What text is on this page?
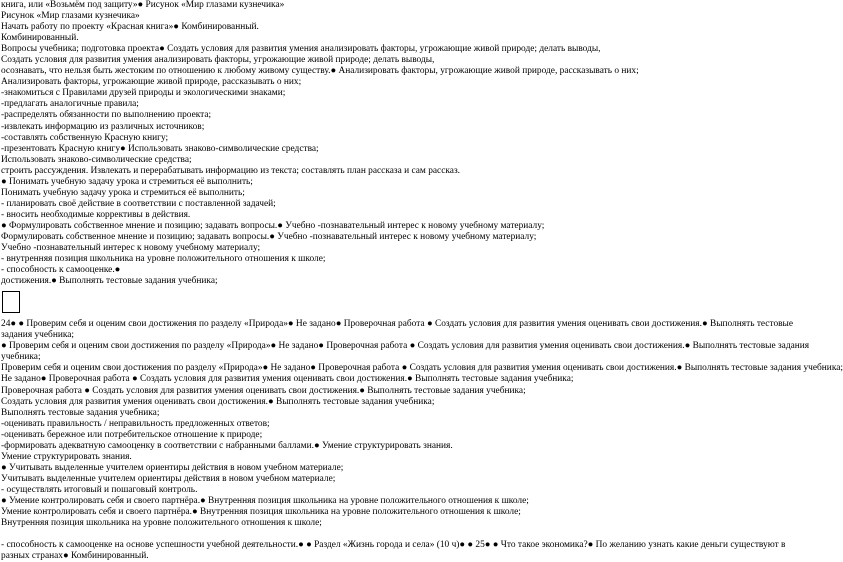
книга, или «Возьмём под защиту»● Рисунок «Мир глазами кузнечика»
Рисунок «Мир глазами кузнечика»
Начать работу по проекту «Красная книга»● Комбинированный.
Комбинированный.
Вопросы учебника; подготовка проекта● Создать условия для развития умения анализировать факторы, угрожающие живой природе; делать выводы,
Создать условия для развития умения анализировать факторы, угрожающие живой природе; делать выводы,
осознавать, что нельзя быть жестоким по отношению к любому живому существу.● Анализировать факторы, угрожающие живой природе, рассказывать о них;
Анализировать факторы, угрожающие живой природе, рассказывать о них;
-знакомиться с Правилами друзей природы и экологическими знаками;
-предлагать аналогичные правила;
-распределять обязанности по выполнению проекта;
-извлекать информацию из различных источников;
-составлять собственную Красную книгу;
-презентовать Красную книгу● Использовать знаково-символические средства;
Использовать знаково-символические средства;
строить рассуждения. Извлекать и перерабатывать информацию из текста; составлять план рассказа и сам рассказ.
● Понимать учебную задачу урока и стремиться её выполнить;
Понимать учебную задачу урока и стремиться её выполнить;
- планировать своё действие в соответствии с поставленной задачей;
- вносить необходимые коррективы в действия.
● Формулировать собственное мнение и позицию; задавать вопросы.● Учебно -познавательный интерес к новому учебному материалу;
Формулировать собственное мнение и позицию; задавать вопросы.● Учебно -познавательный интерес к новому учебному материалу;
Учебно -познавательный интерес к новому учебному материалу;
- внутренняя позиция школьника на уровне положительного отношения к школе;
- способность к самооценке.●
достижения.● Выполнять тестовые задания учебника;
24● ● Проверим себя и оценим свои достижения по разделу «Природа»● Не задано● Проверочная работа ● Создать условия для развития умения оценивать свои достижения.● Выполнять тестовые задания учебника;
● Проверим себя и оценим свои достижения по разделу «Природа»● Не задано● Проверочная работа ● Создать условия для развития умения оценивать свои достижения.● Выполнять тестовые задания учебника;
Проверим себя и оценим свои достижения по разделу «Природа»● Не задано● Проверочная работа ● Создать условия для развития умения оценивать свои достижения.● Выполнять тестовые задания учебника;
Не задано● Проверочная работа ● Создать условия для развития умения оценивать свои достижения.● Выполнять тестовые задания учебника;
Проверочная работа ● Создать условия для развития умения оценивать свои достижения.● Выполнять тестовые задания учебника;
Создать условия для развития умения оценивать свои достижения.● Выполнять тестовые задания учебника;
Выполнять тестовые задания учебника;
-оценивать правильность / неправильность предложенных ответов;
-оценивать бережное или потребительское отношение к природе;
-формировать адекватную самооценку в соответствии с набранными баллами.● Умение структурировать знания.
Умение структурировать знания.
● Учитывать выделенные учителем ориентиры действия в новом учебном материале;
Учитывать выделенные учителем ориентиры действия в новом учебном материале;
- осуществлять итоговый и пошаговый контроль.
● Умение контролировать себя и своего партнёра.● Внутренняя позиция школьника на уровне положительного отношения к школе;
Умение контролировать себя и своего партнёра.● Внутренняя позиция школьника на уровне положительного отношения к школе;
Внутренняя позиция школьника на уровне положительного отношения к школе;

- способность к самооценке на основе успешности учебной деятельности.● ● Раздел «Жизнь города и села» (10 ч)● ● 25● ● Что такое экономика?● По желанию узнать какие деньги существуют в разных странах● Комбинированный.
